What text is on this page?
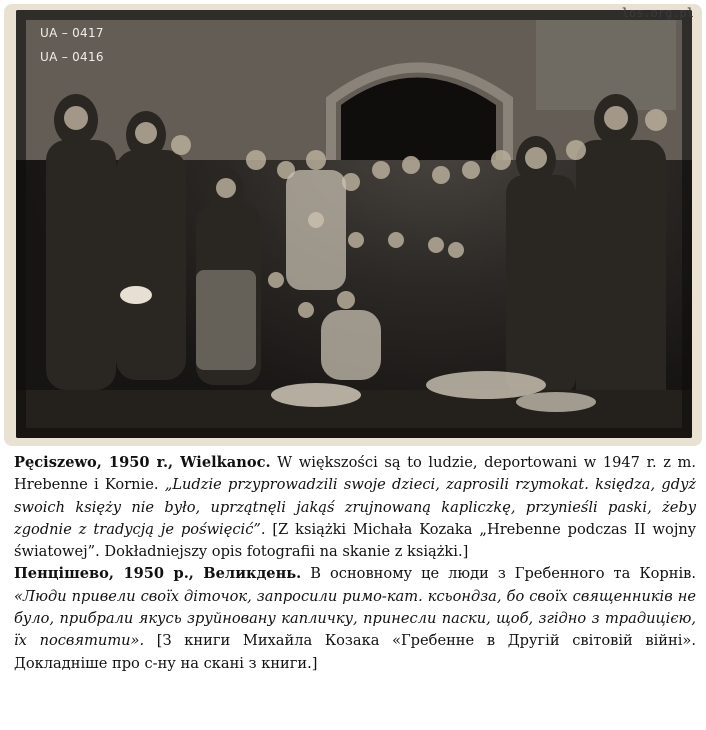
UA – 0417
UA – 0416
los.org.pl

Pęciszewo, 1950 r., Wielkanoc. W większości są to ludzie, deportowani w 1947 r. z m. Hrebenne i Kornie. „Ludzie przyprowadzili swoje dzieci, zaprosili rzymokat. księdza, gdyż swoich księży nie było, uprzątnęli jakąś zrujnowaną kapliczkę, przynieśli paski, żeby zgodnie z tradycją je poświęcić”. [Z książki Michała Kozaka „Hrebenne podczas II wojny światowej”. Dokładniejszy opis fotografii na skanie z książki.]

Пенцішево, 1950 р., Великдень. В основному це люди з Гребенного та Корнів. «Люди привели своїх діточок, запросили римо-кат. ксьондза, бо своїх священників не було, прибрали якусь зруйновану капличку, принесли паски, щоб, згідно з традицією, їх посвятити». [З книги Михайла Козака «Гребенне в Другій світовій війні». Докладніше про с-ну на скані з книги.]
